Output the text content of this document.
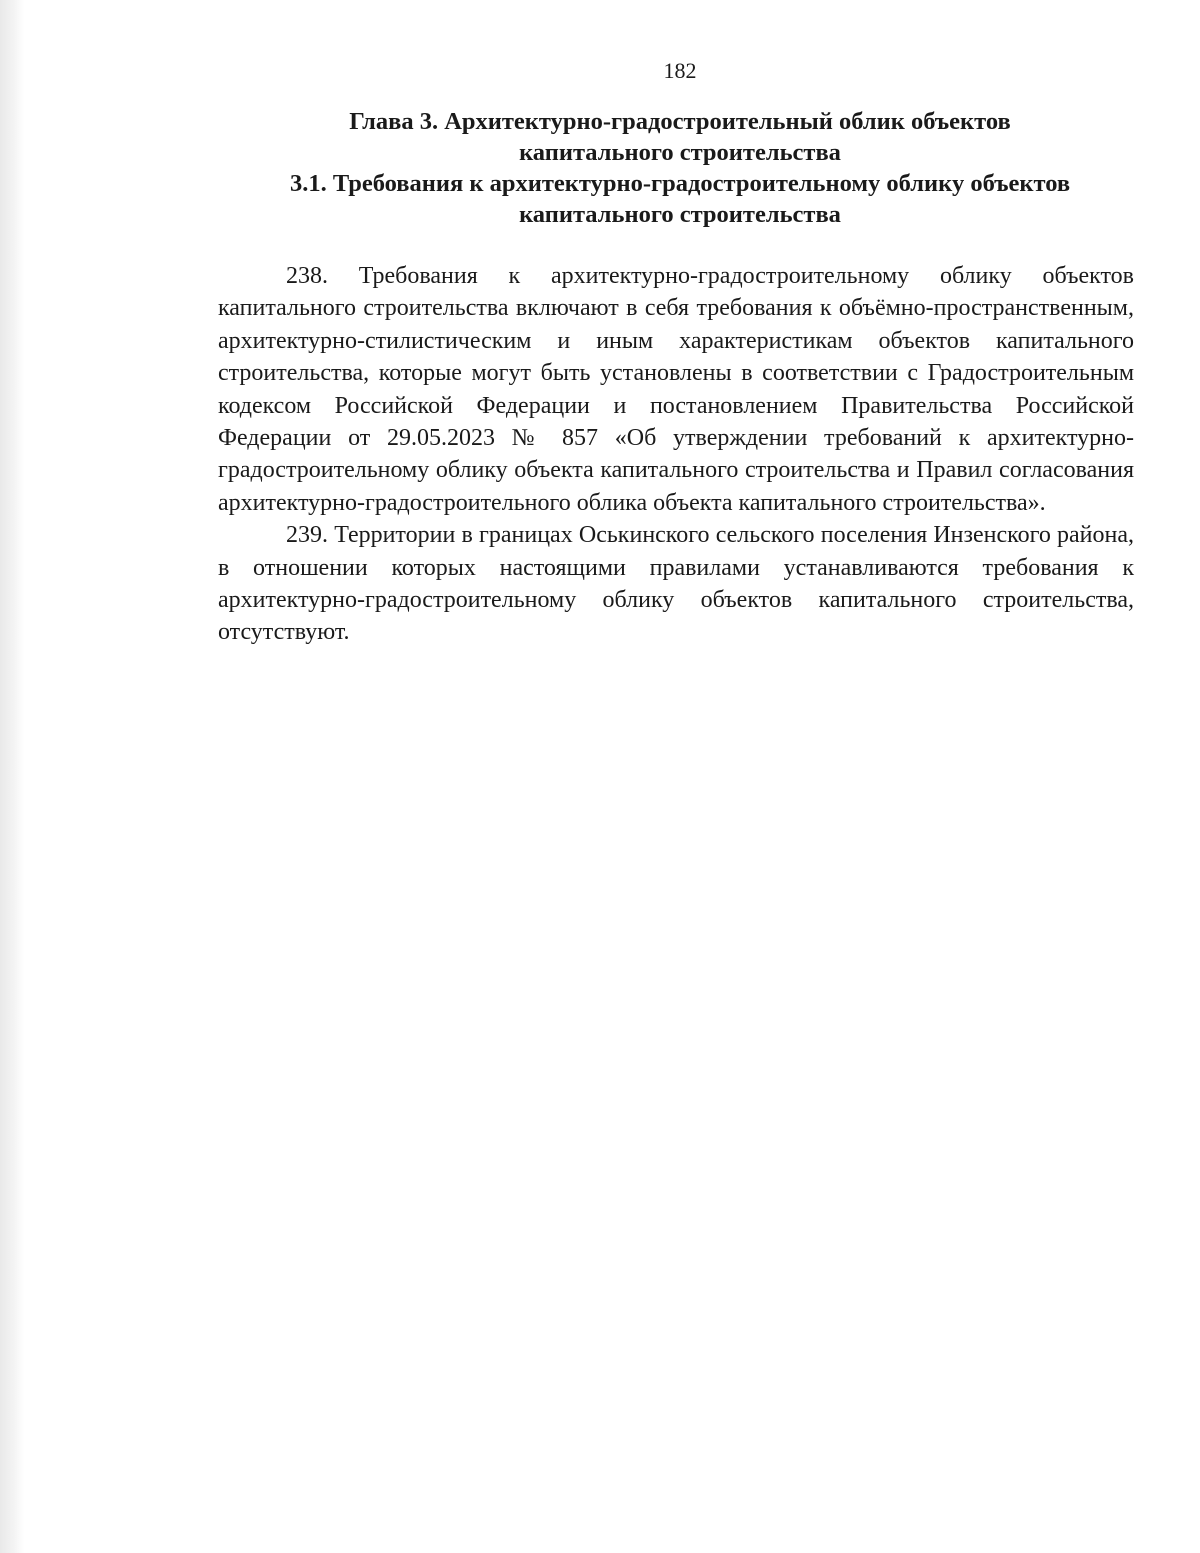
182
Глава 3. Архитектурно-градостроительный облик объектов
капитального строительства
3.1. Требования к архитектурно-градостроительному облику объектов
капитального строительства

238. Требования к архитектурно-градостроительному облику объектов капитального строительства включают в себя требования к объёмно-пространственным, архитектурно-стилистическим и иным характеристикам объектов капитального строительства, которые могут быть установлены в соответствии с Градостроительным кодексом Российской Федерации и постановлением Правительства Российской Федерации от 29.05.2023 № 857 «Об утверждении требований к архитектурно-градостроительному облику объекта капитального строительства и Правил согласования архитектурно-градостроительного облика объекта капитального строительства».

239. Территории в границах Оськинского сельского поселения Инзенского района, в отношении которых настоящими правилами устанавливаются требования к архитектурно-градостроительному облику объектов капитального строительства, отсутствуют.
